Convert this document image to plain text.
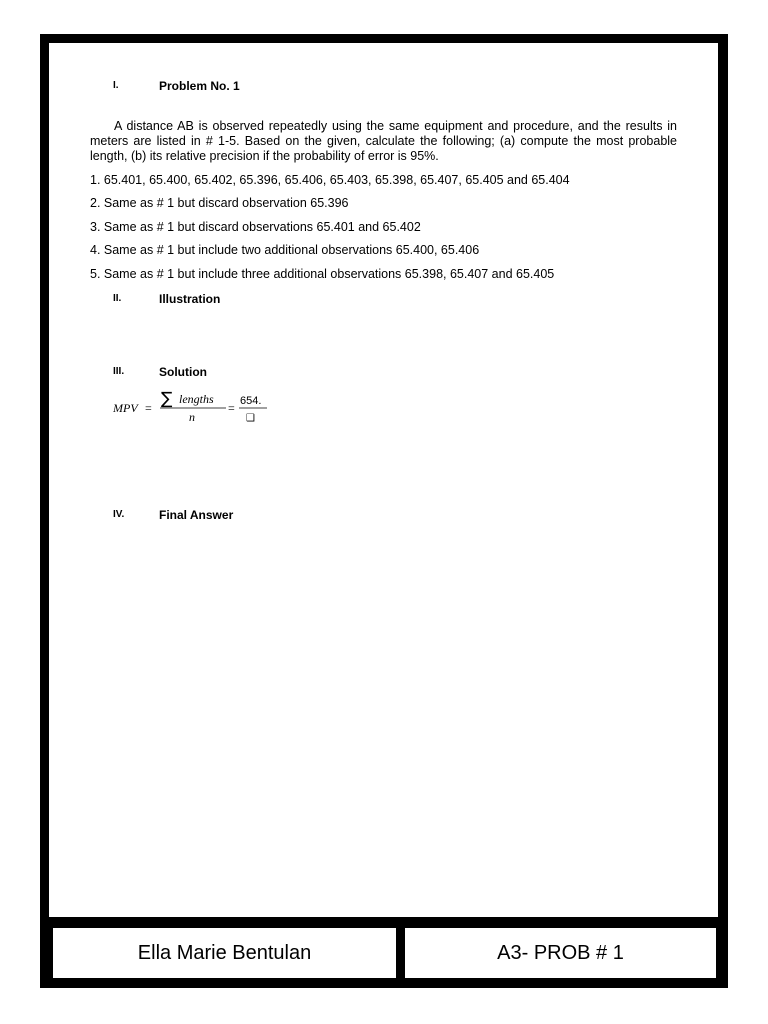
I.	Problem No. 1
A distance AB is observed repeatedly using the same equipment and procedure, and the results in meters are listed in # 1-5. Based on the given, calculate the following; (a) compute the most probable length, (b) its relative precision if the probability of error is 95%.
1. 65.401, 65.400, 65.402, 65.396, 65.406, 65.403, 65.398, 65.407, 65.405 and 65.404
2. Same as # 1 but discard observation 65.396
3. Same as # 1 but discard observations 65.401 and 65.402
4. Same as # 1 but include two additional observations 65.400, 65.406
5. Same as # 1 but include three additional observations 65.398, 65.407 and 65.405
II.	Illustration
III.	Solution
MPV = ∑ lengths
n
= 654.
❑
IV.	Final Answer
Ella Marie Bentulan	A3- PROB # 1
